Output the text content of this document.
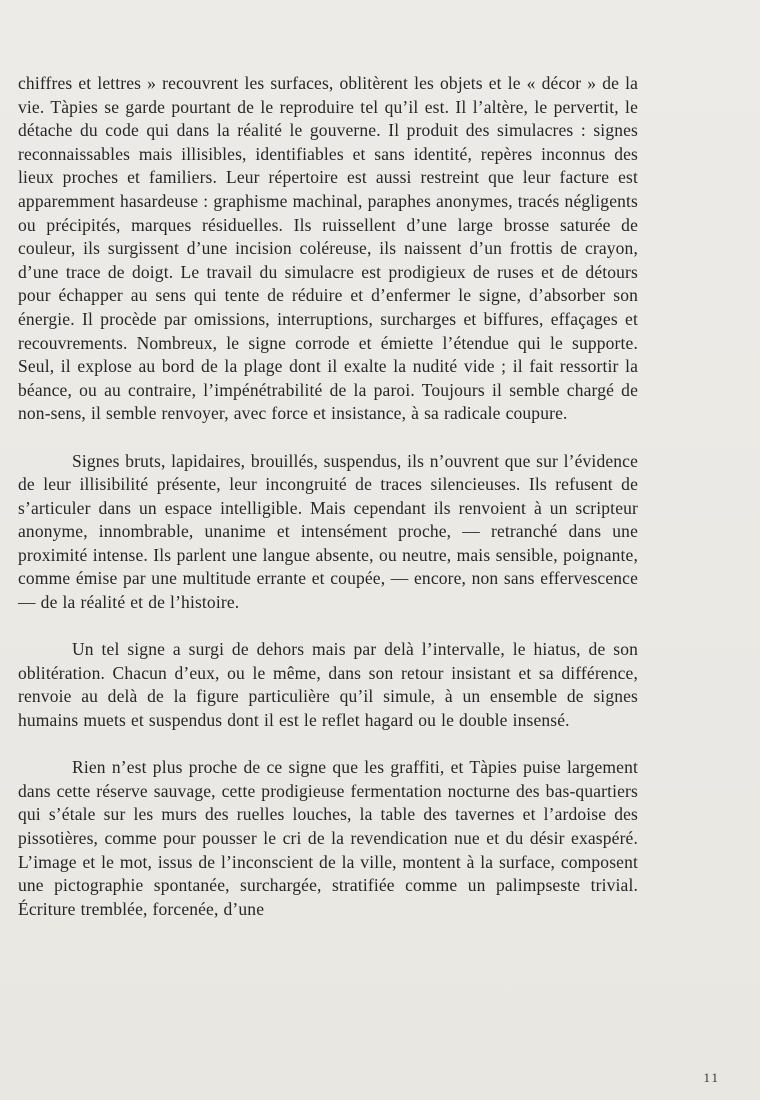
chiffres et lettres » recouvrent les surfaces, oblitèrent les objets et le « décor » de la vie. Tàpies se garde pourtant de le reproduire tel qu’il est. Il l’altère, le pervertit, le détache du code qui dans la réalité le gouverne. Il produit des simulacres : signes reconnaissables mais illisibles, identifiables et sans identité, repères inconnus des lieux proches et familiers. Leur répertoire est aussi restreint que leur facture est apparemment hasardeuse : graphisme machinal, paraphes anonymes, tracés négligents ou précipités, marques résiduelles. Ils ruissellent d’une large brosse saturée de couleur, ils surgissent d’une incision coléreuse, ils naissent d’un frottis de crayon, d’une trace de doigt. Le travail du simulacre est prodigieux de ruses et de détours pour échapper au sens qui tente de réduire et d’enfermer le signe, d’absorber son énergie. Il procède par omissions, interruptions, surcharges et biffures, effaçages et recouvrements. Nombreux, le signe corrode et émiette l’étendue qui le supporte. Seul, il explose au bord de la plage dont il exalte la nudité vide ; il fait ressortir la béance, ou au contraire, l’impénétrabilité de la paroi. Toujours il semble chargé de non-sens, il semble renvoyer, avec force et insistance, à sa radicale coupure.

Signes bruts, lapidaires, brouillés, suspendus, ils n’ouvrent que sur l’évidence de leur illisibilité présente, leur incongruité de traces silencieuses. Ils refusent de s’articuler dans un espace intelligible. Mais cependant ils renvoient à un scripteur anonyme, innombrable, unanime et intensément proche, — retranché dans une proximité intense. Ils parlent une langue absente, ou neutre, mais sensible, poignante, comme émise par une multitude errante et coupée, — encore, non sans effervescence — de la réalité et de l’histoire.

Un tel signe a surgi de dehors mais par delà l’intervalle, le hiatus, de son oblitération. Chacun d’eux, ou le même, dans son retour insistant et sa différence, renvoie au delà de la figure particulière qu’il simule, à un ensemble de signes humains muets et suspendus dont il est le reflet hagard ou le double insensé.

Rien n’est plus proche de ce signe que les graffiti, et Tàpies puise largement dans cette réserve sauvage, cette prodigieuse fermentation nocturne des bas-quartiers qui s’étale sur les murs des ruelles louches, la table des tavernes et l’ardoise des pissotières, comme pour pousser le cri de la revendication nue et du désir exaspéré. L’image et le mot, issus de l’inconscient de la ville, montent à la surface, composent une pictographie spontanée, surchargée, stratifiée comme un palimpseste trivial. Écriture tremblée, forcenée, d’une

11
